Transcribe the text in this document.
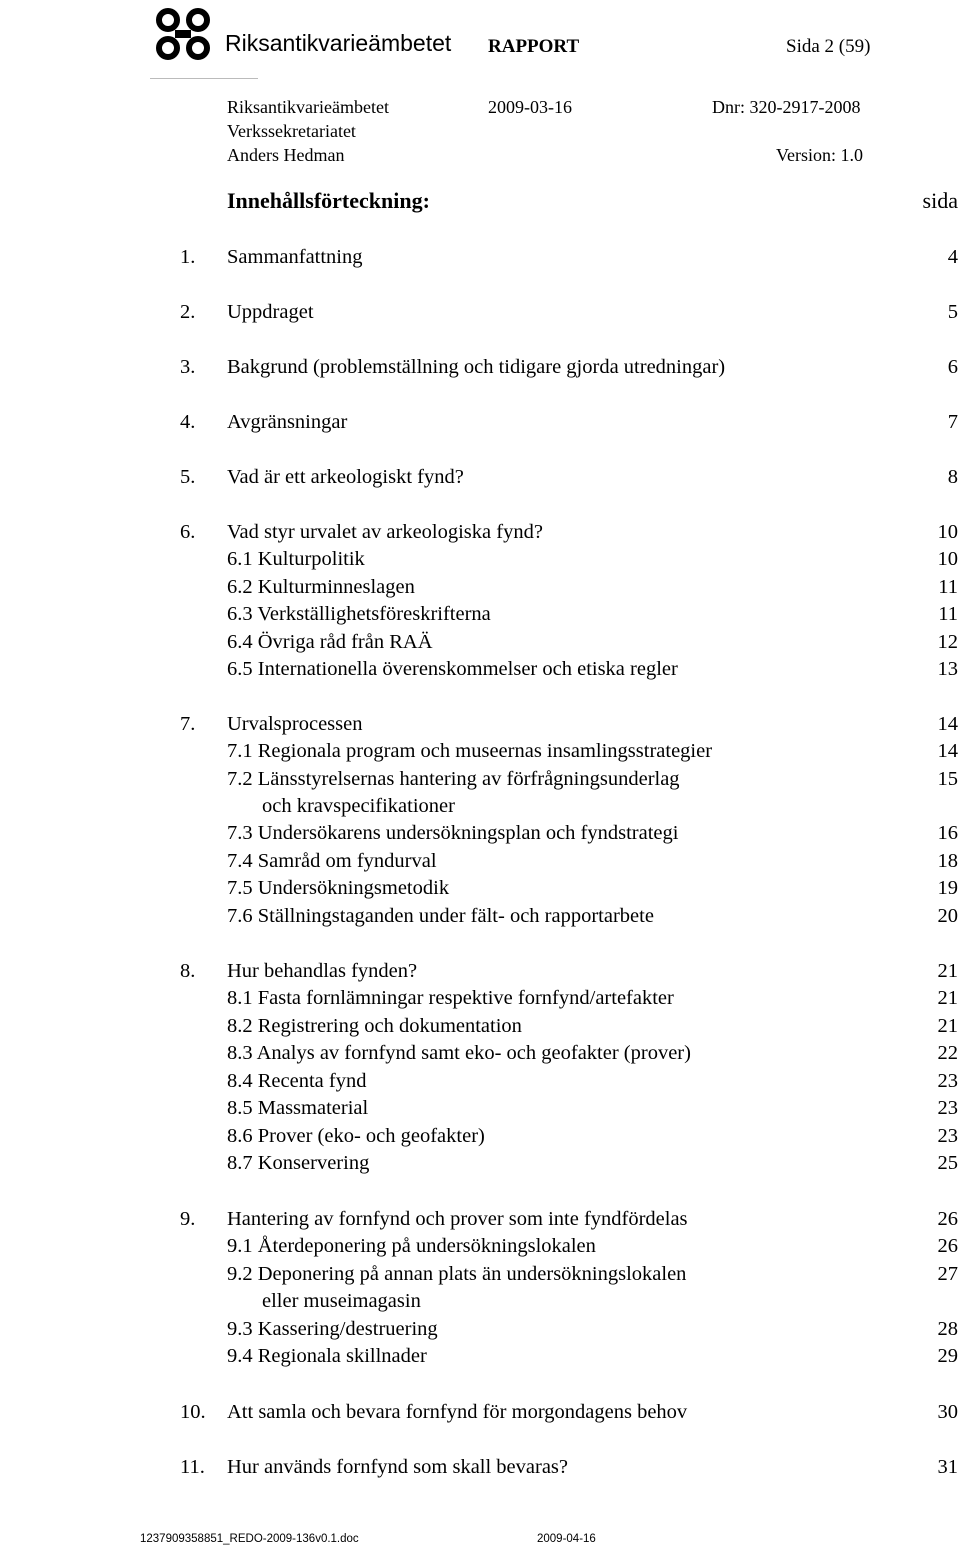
Riksantikvarieämbetet RAPPORT	Sida 2 (59)
Riksantikvarieämbetet	2009-03-16	Dnr: 320-2917-2008
Verkssekretariatet
Anders Hedman	Version: 1.0
Innehållsförteckning:	sida
1. Sammanfattning	4
2. Uppdraget	5
3. Bakgrund (problemställning och tidigare gjorda utredningar)	6
4. Avgränsningar	7
5. Vad är ett arkeologiskt fynd?	8
6. Vad styr urvalet av arkeologiska fynd?	10
6.1 Kulturpolitik	10
6.2 Kulturminneslagen	11
6.3 Verkställighetsföreskrifterna	11
6.4 Övriga råd från RAÄ	12
6.5 Internationella överenskommelser och etiska regler	13
7. Urvalsprocessen	14
7.1 Regionala program och museernas insamlingsstrategier	14
7.2 Länsstyrelsernas hantering av förfrågningsunderlag	15
och kravspecifikationer
7.3 Undersökarens undersökningsplan och fyndstrategi	16
7.4 Samråd om fyndurval	18
7.5 Undersökningsmetodik	19
7.6 Ställningstaganden under fält- och rapportarbete	20
8. Hur behandlas fynden?	21
8.1 Fasta fornlämningar respektive fornfynd/artefakter	21
8.2 Registrering och dokumentation	21
8.3 Analys av fornfynd samt eko- och geofakter (prover)	22
8.4 Recenta fynd	23
8.5 Massmaterial	23
8.6 Prover (eko- och geofakter)	23
8.7 Konservering	25
9. Hantering av fornfynd och prover som inte fyndfördelas	26
9.1 Återdeponering på undersökningslokalen	26
9.2 Deponering på annan plats än undersökningslokalen	27
eller museimagasin
9.3 Kassering/destruering	28
9.4 Regionala skillnader	29
10. Att samla och bevara fornfynd för morgondagens behov	30
11. Hur används fornfynd som skall bevaras?	31
1237909358851_REDO-2009-136v0.1.doc	2009-04-16
